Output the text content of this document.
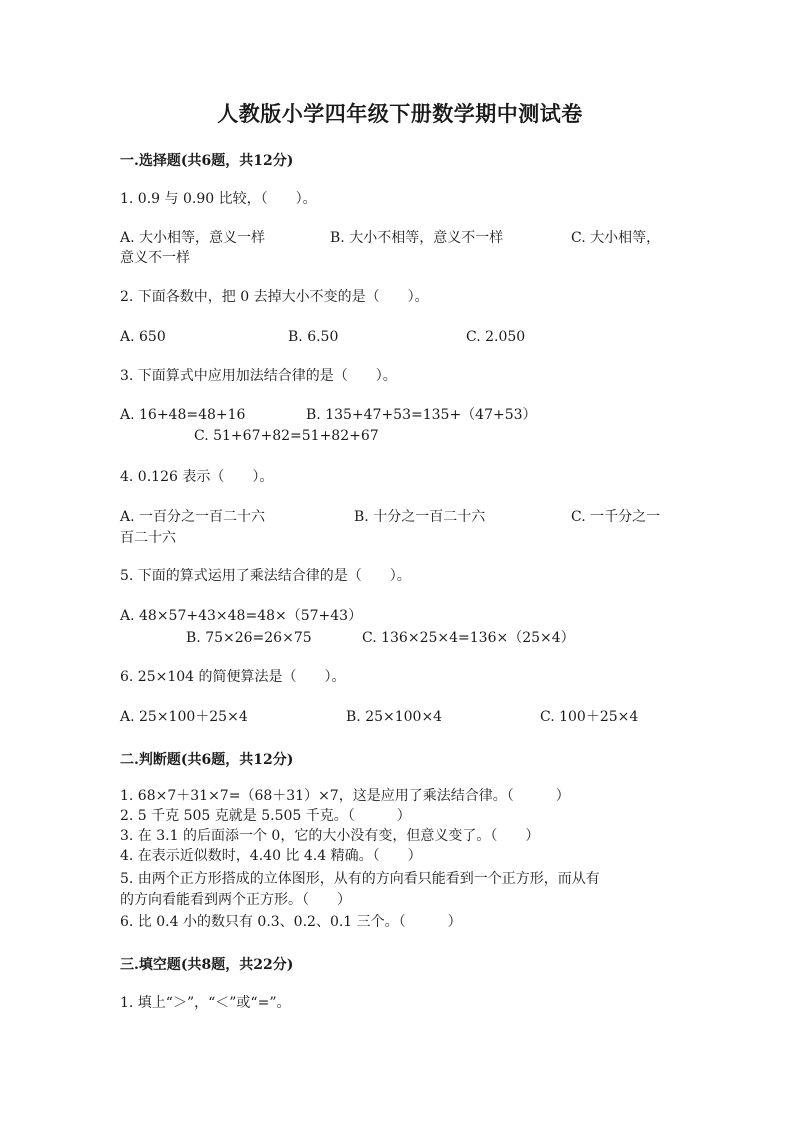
人教版小学四年级下册数学期中测试卷
一.选择题(共6题，共12分)
1. 0.9 与 0.90 比较，（　　）。
A. 大小相等，意义一样	B. 大小不相等，意义不一样	C. 大小相等，
意义不一样
2. 下面各数中，把 0 去掉大小不变的是（　　）。
A. 650	B. 6.50	C. 2.050
3. 下面算式中应用加法结合律的是（　　）。
A. 16+48=48+16	B. 135+47+53=135+（47+53）
C. 51+67+82=51+82+67
4. 0.126 表示（　　）。
A. 一百分之一百二十六	B. 十分之一百二十六	C. 一千分之一
百二十六
5. 下面的算式运用了乘法结合律的是（　　）。
A. 48×57+43×48=48×（57+43）
B. 75×26=26×75	C. 136×25×4=136×（25×4）
6. 25×104 的简便算法是（　　）。
A. 25×100＋25×4	B. 25×100×4	C. 100＋25×4
二.判断题(共6题，共12分)
1. 68×7＋31×7=（68＋31）×7，这是应用了乘法结合律。（　　　）
2. 5 千克 505 克就是 5.505 千克。（　　　）
3. 在 3.1 的后面添一个 0，它的大小没有变，但意义变了。（　　）
4. 在表示近似数时，4.40 比 4.4 精确。（　　）
5. 由两个正方形搭成的立体图形，从有的方向看只能看到一个正方形，而从有
的方向看能看到两个正方形。（　　）
6. 比 0.4 小的数只有 0.3、0.2、0.1 三个。（　　　）
三.填空题(共8题，共22分)
1. 填上“＞”，“＜”或“=”。
